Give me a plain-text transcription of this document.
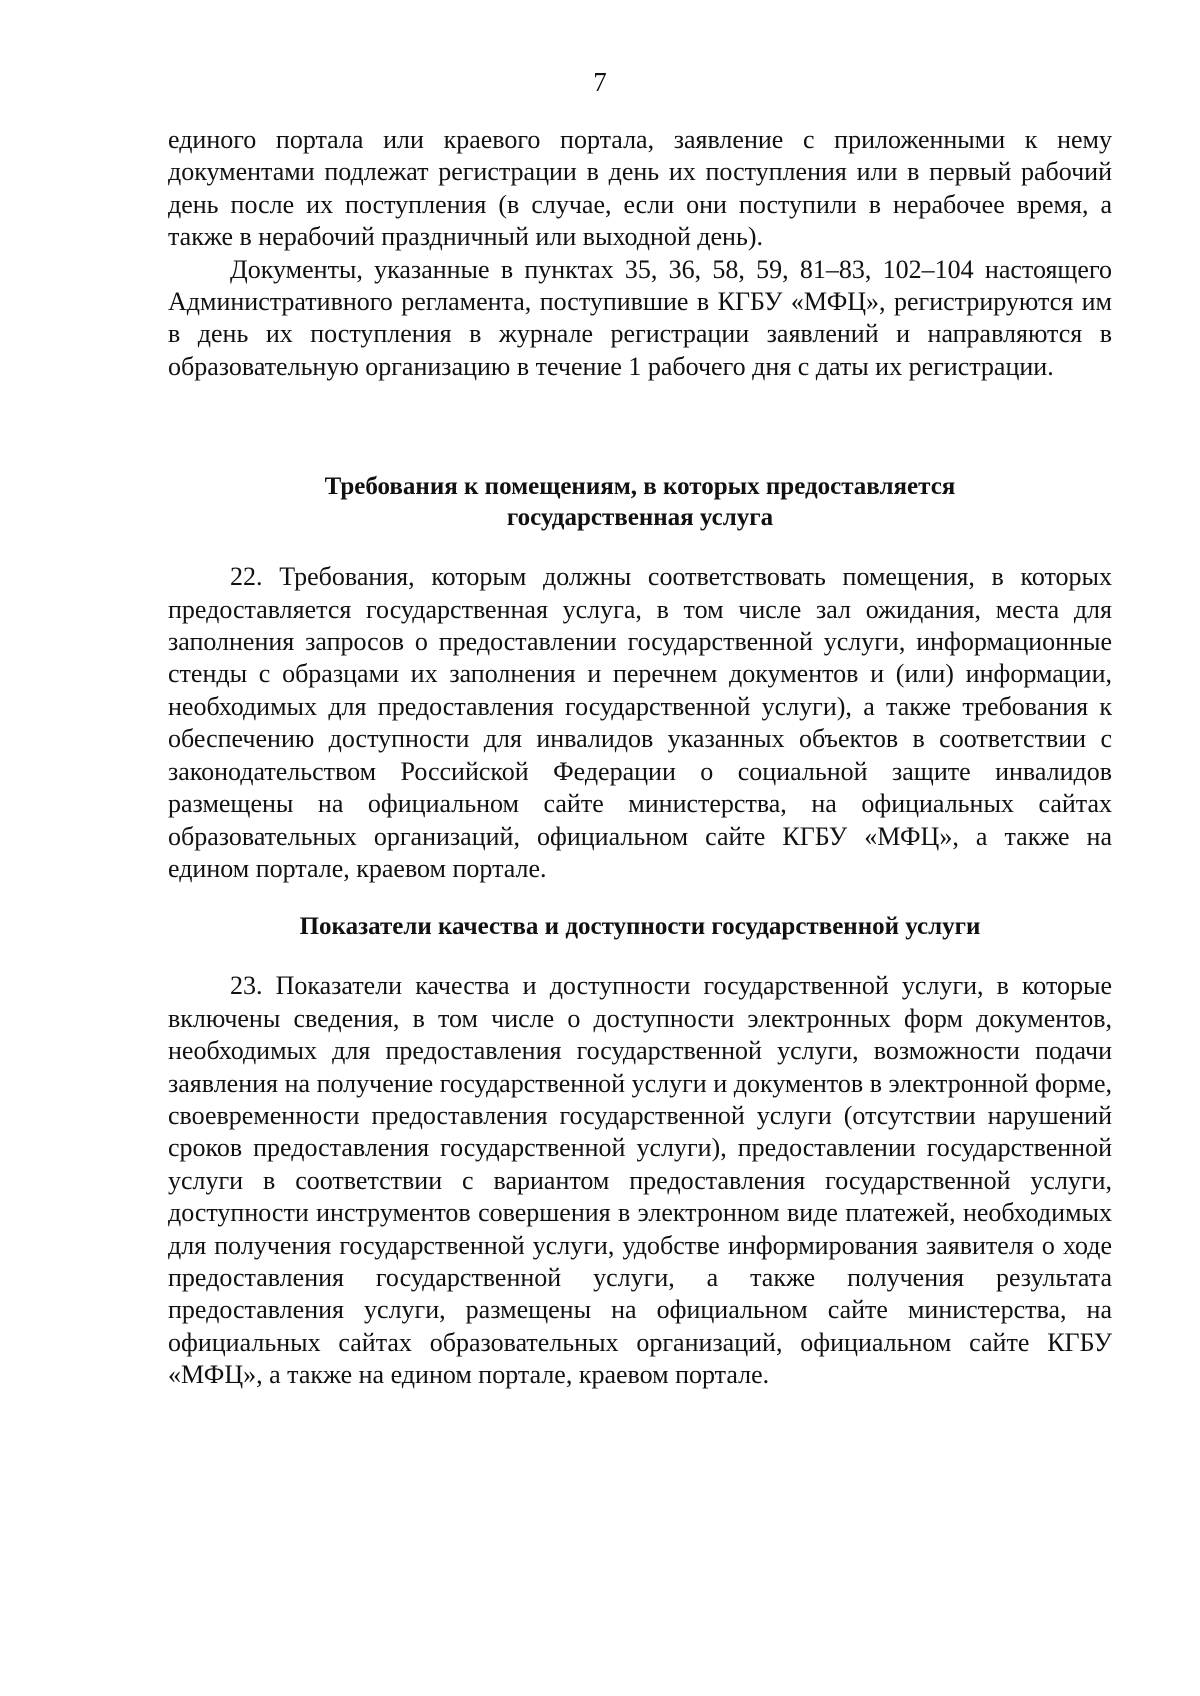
7

единого портала или краевого портала, заявление с приложенными к нему документами подлежат регистрации в день их поступления или в первый рабочий день после их поступления (в случае, если они поступили в нерабочее время, а также в нерабочий праздничный или выходной день).

Документы, указанные в пунктах 35, 36, 58, 59, 81–83, 102–104 настоящего Административного регламента, поступившие в КГБУ «МФЦ», регистрируются им в день их поступления в журнале регистрации заявлений и направляются в образовательную организацию в течение 1 рабочего дня с даты их регистрации.

Требования к помещениям, в которых предоставляется
государственная услуга

22. Требования, которым должны соответствовать помещения, в которых предоставляется государственная услуга, в том числе зал ожидания, места для заполнения запросов о предоставлении государственной услуги, информационные стенды с образцами их заполнения и перечнем документов и (или) информации, необходимых для предоставления государственной услуги), а также требования к обеспечению доступности для инвалидов указанных объектов в соответствии с законодательством Российской Федерации о социальной защите инвалидов размещены на официальном сайте министерства, на официальных сайтах образовательных организаций, официальном сайте КГБУ «МФЦ», а также на едином портале, краевом портале.

Показатели качества и доступности государственной услуги

23. Показатели качества и доступности государственной услуги, в которые включены сведения, в том числе о доступности электронных форм документов, необходимых для предоставления государственной услуги, возможности подачи заявления на получение государственной услуги и документов в электронной форме, своевременности предоставления государственной услуги (отсутствии нарушений сроков предоставления государственной услуги), предоставлении государственной услуги в соответствии с вариантом предоставления государственной услуги, доступности инструментов совершения в электронном виде платежей, необходимых для получения государственной услуги, удобстве информирования заявителя о ходе предоставления государственной услуги, а также получения результата предоставления услуги, размещены на официальном сайте министерства, на официальных сайтах образовательных организаций, официальном сайте КГБУ «МФЦ», а также на едином портале, краевом портале.
